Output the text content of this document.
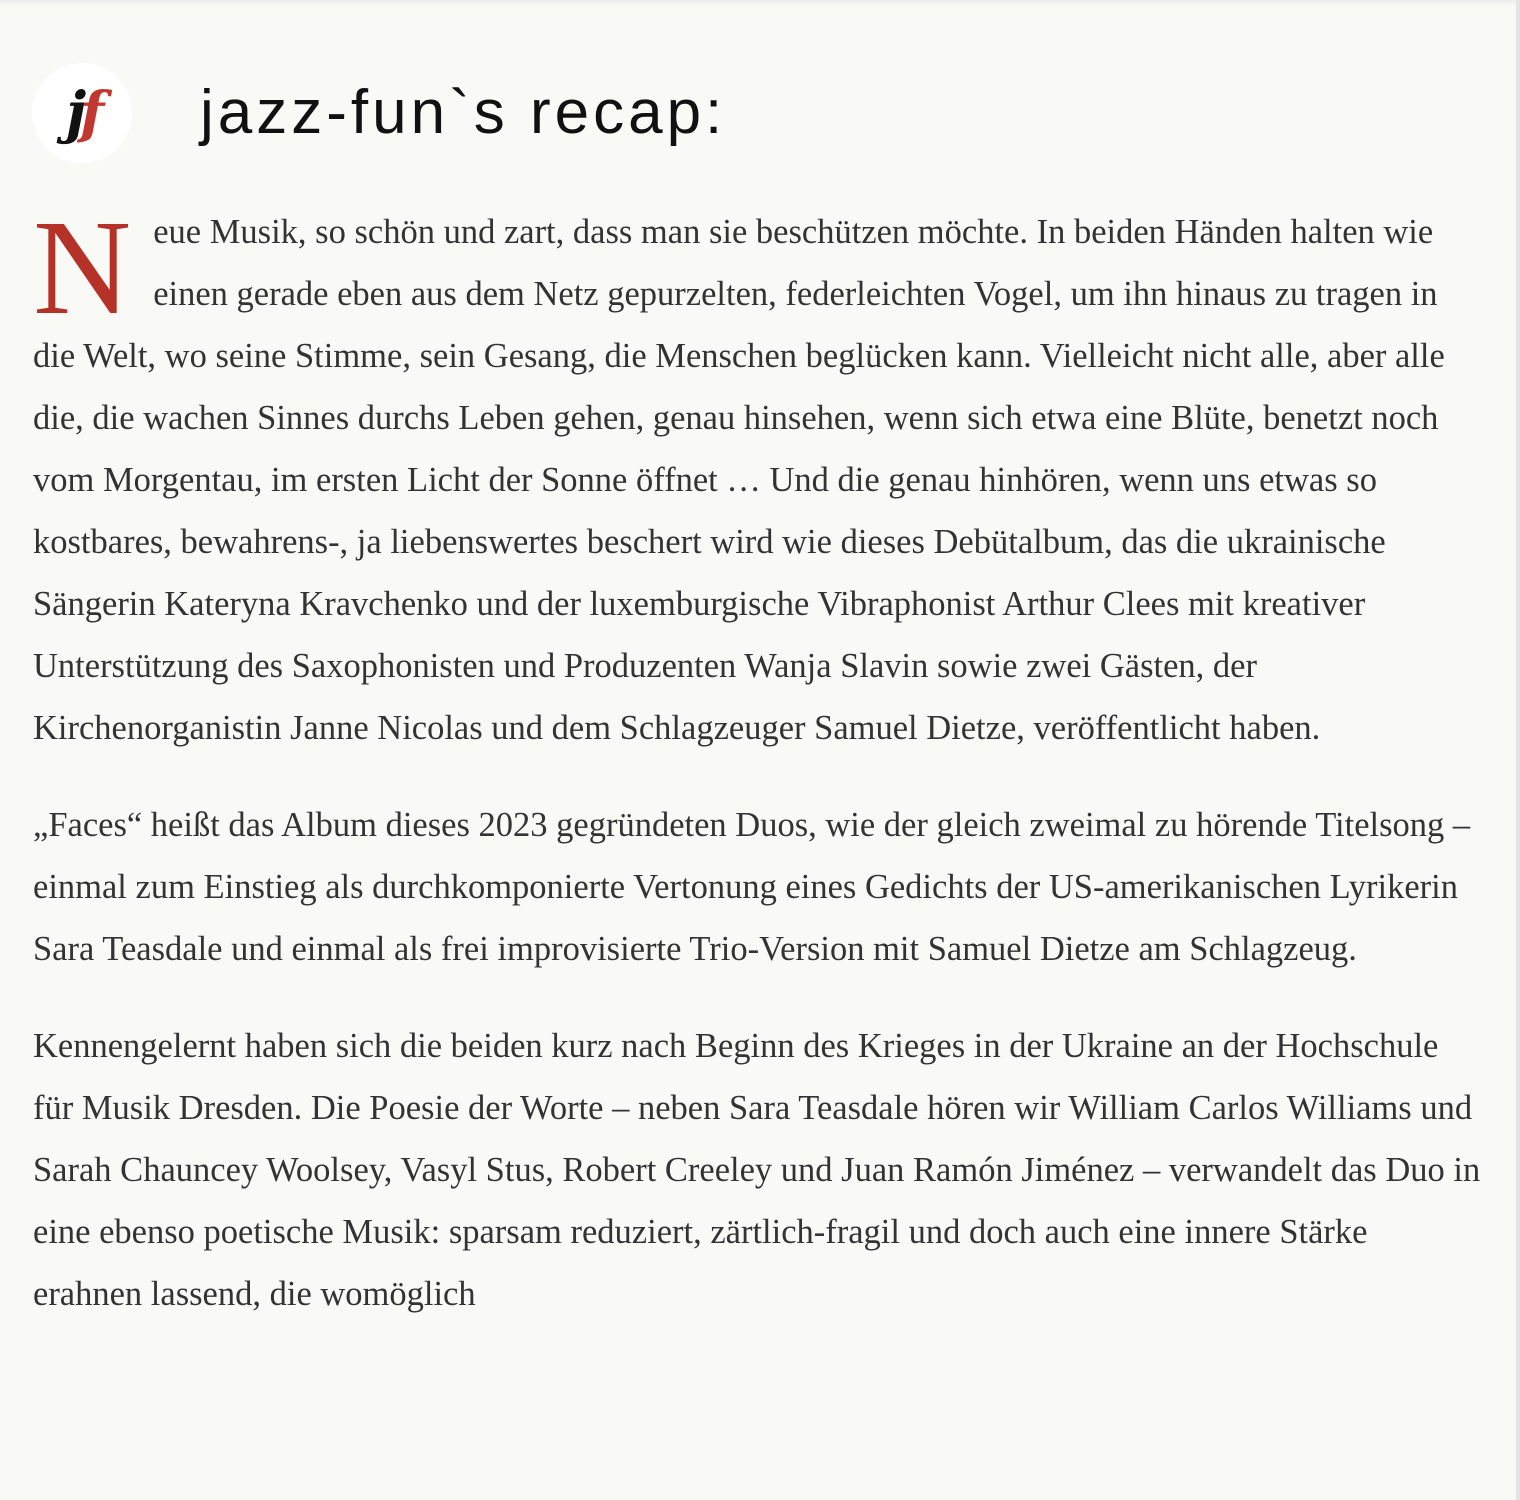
j f jazz-fun`s recap:

Neue Musik, so schön und zart, dass man sie beschützen möchte. In beiden Händen halten wie einen gerade eben aus dem Netz gepurzelten, federleichten Vogel, um ihn hinaus zu tragen in die Welt, wo seine Stimme, sein Gesang, die Menschen beglücken kann. Vielleicht nicht alle, aber alle die, die wachen Sinnes durchs Leben gehen, genau hinsehen, wenn sich etwa eine Blüte, benetzt noch vom Morgentau, im ersten Licht der Sonne öffnet … Und die genau hinhören, wenn uns etwas so kostbares, bewahrens-, ja liebenswertes beschert wird wie dieses Debütalbum, das die ukrainische Sängerin Kateryna Kravchenko und der luxemburgische Vibraphonist Arthur Clees mit kreativer Unterstützung des Saxophonisten und Produzenten Wanja Slavin sowie zwei Gästen, der Kirchenorganistin Janne Nicolas und dem Schlagzeuger Samuel Dietze, veröffentlicht haben.

„Faces“ heißt das Album dieses 2023 gegründeten Duos, wie der gleich zweimal zu hörende Titelsong – einmal zum Einstieg als durchkomponierte Vertonung eines Gedichts der US-amerikanischen Lyrikerin Sara Teasdale und einmal als frei improvisierte Trio-Version mit Samuel Dietze am Schlagzeug.

Kennengelernt haben sich die beiden kurz nach Beginn des Krieges in der Ukraine an der Hochschule für Musik Dresden. Die Poesie der Worte – neben Sara Teasdale hören wir William Carlos Williams und Sarah Chauncey Woolsey, Vasyl Stus, Robert Creeley und Juan Ramón Jiménez – verwandelt das Duo in eine ebenso poetische Musik: sparsam reduziert, zärtlich-fragil und doch auch eine innere Stärke erahnen lassend, die womöglich
